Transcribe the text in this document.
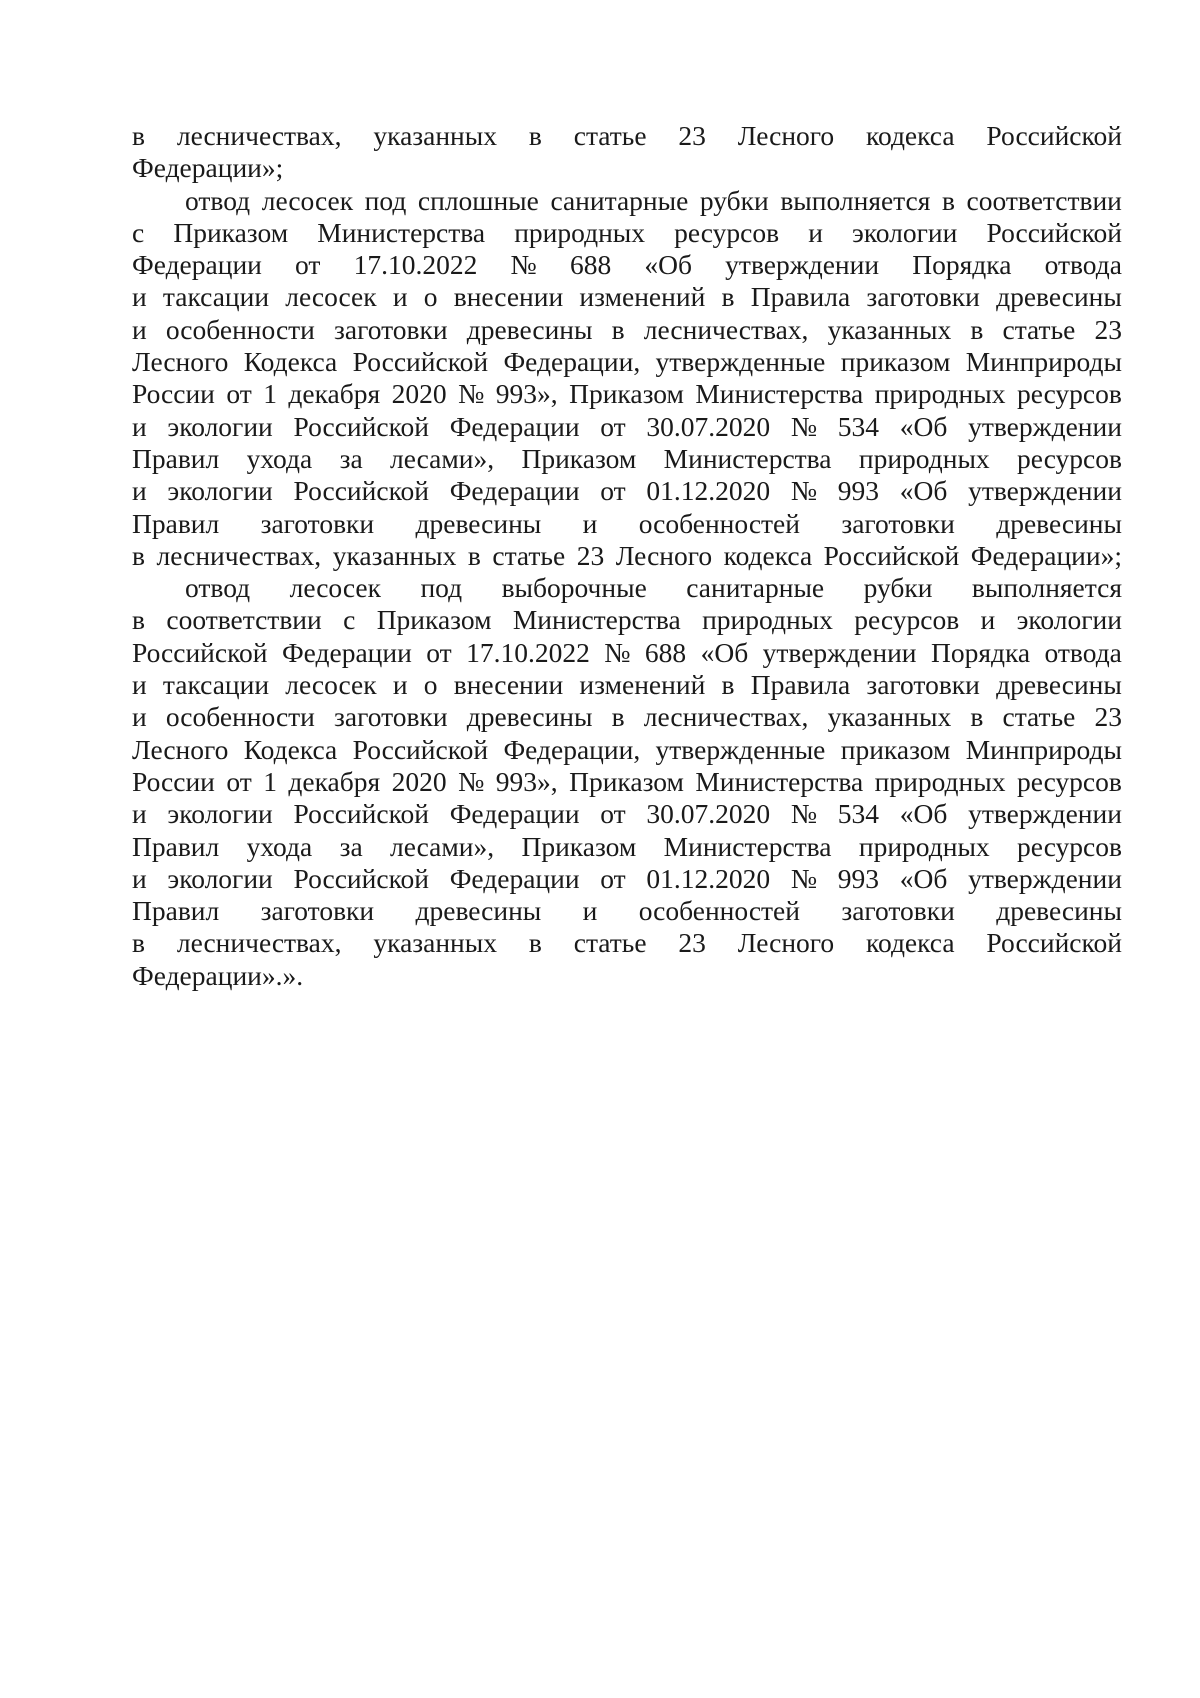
в лесничествах, указанных в статье 23 Лесного кодекса Российской
Федерации»;
отвод лесосек под сплошные санитарные рубки выполняется в соответствии
с Приказом Министерства природных ресурсов и экологии Российской
Федерации от 17.10.2022 № 688 «Об утверждении Порядка отвода
и таксации лесосек и о внесении изменений в Правила заготовки древесины
и особенности заготовки древесины в лесничествах, указанных в статье 23
Лесного Кодекса Российской Федерации, утвержденные приказом Минприроды
России от 1 декабря 2020 № 993», Приказом Министерства природных ресурсов
и экологии Российской Федерации от 30.07.2020 № 534 «Об утверждении
Правил ухода за лесами», Приказом Министерства природных ресурсов
и экологии Российской Федерации от 01.12.2020 № 993 «Об утверждении
Правил заготовки древесины и особенностей заготовки древесины
в лесничествах, указанных в статье 23 Лесного кодекса Российской Федерации»;
отвод лесосек под выборочные санитарные рубки выполняется
в соответствии с Приказом Министерства природных ресурсов и экологии
Российской Федерации от 17.10.2022 № 688 «Об утверждении Порядка отвода
и таксации лесосек и о внесении изменений в Правила заготовки древесины
и особенности заготовки древесины в лесничествах, указанных в статье 23
Лесного Кодекса Российской Федерации, утвержденные приказом Минприроды
России от 1 декабря 2020 № 993», Приказом Министерства природных ресурсов
и экологии Российской Федерации от 30.07.2020 № 534 «Об утверждении
Правил ухода за лесами», Приказом Министерства природных ресурсов
и экологии Российской Федерации от 01.12.2020 № 993 «Об утверждении
Правил заготовки древесины и особенностей заготовки древесины
в лесничествах, указанных в статье 23 Лесного кодекса Российской
Федерации».».
